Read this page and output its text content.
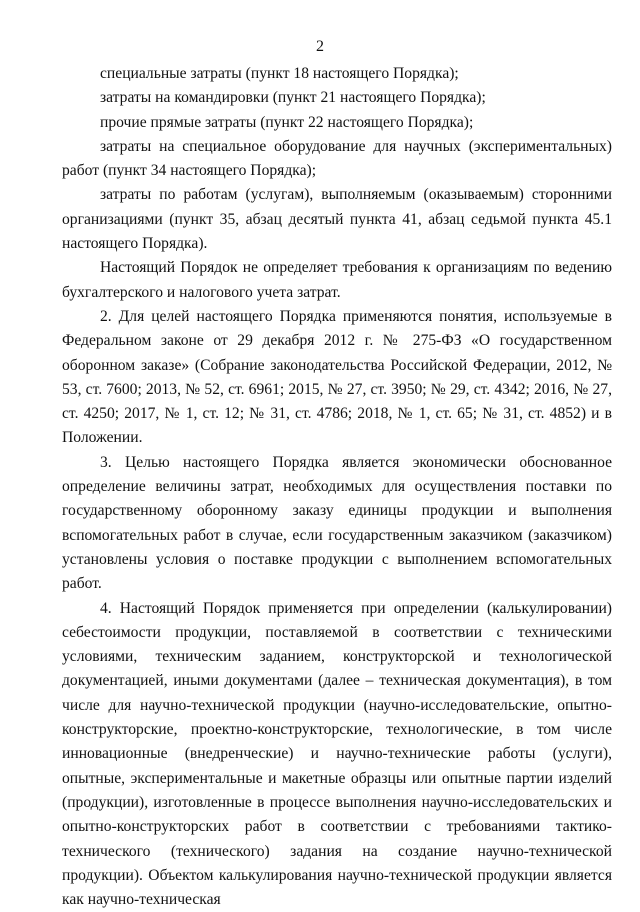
2

специальные затраты (пункт 18 настоящего Порядка);

затраты на командировки (пункт 21 настоящего Порядка);

прочие прямые затраты (пункт 22 настоящего Порядка);

затраты на специальное оборудование для научных (экспериментальных) работ (пункт 34 настоящего Порядка);

затраты по работам (услугам), выполняемым (оказываемым) сторонними организациями (пункт 35, абзац десятый пункта 41, абзац седьмой пункта 45.1 настоящего Порядка).

Настоящий Порядок не определяет требования к организациям по ведению бухгалтерского и налогового учета затрат.

2. Для целей настоящего Порядка применяются понятия, используемые в Федеральном законе от 29 декабря 2012 г. № 275-ФЗ «О государственном оборонном заказе» (Собрание законодательства Российской Федерации, 2012, № 53, ст. 7600; 2013, № 52, ст. 6961; 2015, № 27, ст. 3950; № 29, ст. 4342; 2016, № 27, ст. 4250; 2017, № 1, ст. 12; № 31, ст. 4786; 2018, № 1, ст. 65; № 31, ст. 4852) и в Положении.

3. Целью настоящего Порядка является экономически обоснованное определение величины затрат, необходимых для осуществления поставки по государственному оборонному заказу единицы продукции и выполнения вспомогательных работ в случае, если государственным заказчиком (заказчиком) установлены условия о поставке продукции с выполнением вспомогательных работ.

4. Настоящий Порядок применяется при определении (калькулировании) себестоимости продукции, поставляемой в соответствии с техническими условиями, техническим заданием, конструкторской и технологической документацией, иными документами (далее – техническая документация), в том числе для научно-технической продукции (научно-исследовательские, опытно-конструкторские, проектно-конструкторские, технологические, в том числе инновационные (внедренческие) и научно-технические работы (услуги), опытные, экспериментальные и макетные образцы или опытные партии изделий (продукции), изготовленные в процессе выполнения научно-исследовательских и опытно-конструкторских работ в соответствии с требованиями тактико-технического (технического) задания на создание научно-технической продукции). Объектом калькулирования научно-технической продукции является как научно-техническая
